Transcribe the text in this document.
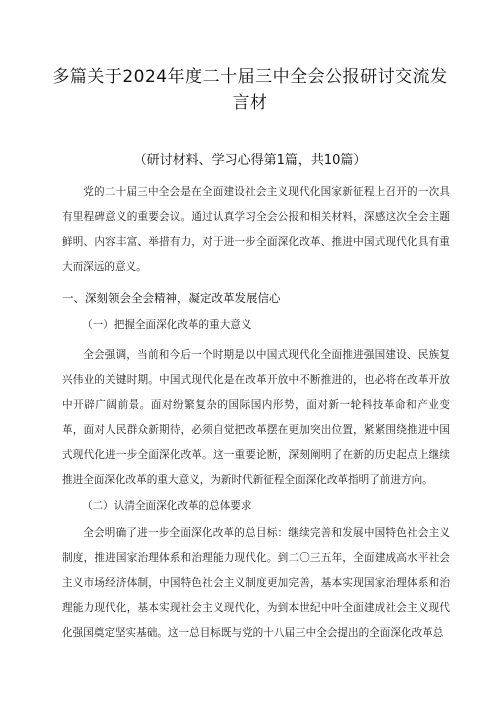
多篇关于2024年度二十届三中全会公报研讨交流发言材
（研讨材料、学习心得第1篇，共10篇）
党的二十届三中全会是在全面建设社会主义现代化国家新征程上召开的一次具有里程碑意义的重要会议。通过认真学习全会公报和相关材料，深感这次全会主题鲜明、内容丰富、举措有力，对于进一步全面深化改革、推进中国式现代化具有重大而深远的意义。
一、深刻领会全会精神，凝定改革发展信心
（一）把握全面深化改革的重大意义
全会强调，当前和今后一个时期是以中国式现代化全面推进强国建设、民族复兴伟业的关键时期。中国式现代化是在改革开放中不断推进的，也必将在改革开放中开辟广阔前景。面对纷繁复杂的国际国内形势，面对新一轮科技革命和产业变革，面对人民群众新期待，必须自觉把改革摆在更加突出位置，紧紧围绕推进中国式现代化进一步全面深化改革。这一重要论断，深刻阐明了在新的历史起点上继续推进全面深化改革的重大意义，为新时代新征程全面深化改革指明了前进方向。
（二）认清全面深化改革的总体要求
全会明确了进一步全面深化改革的总目标：继续完善和发展中国特色社会主义制度，推进国家治理体系和治理能力现代化。到二〇三五年，全面建成高水平社会主义市场经济体制，中国特色社会主义制度更加完善，基本实现国家治理体系和治理能力现代化，基本实现社会主义现代化，为到本世纪中叶全面建成社会主义现代化强国奠定坚实基础。这一总目标既与党的十八届三中全会提出的全面深化改革总
